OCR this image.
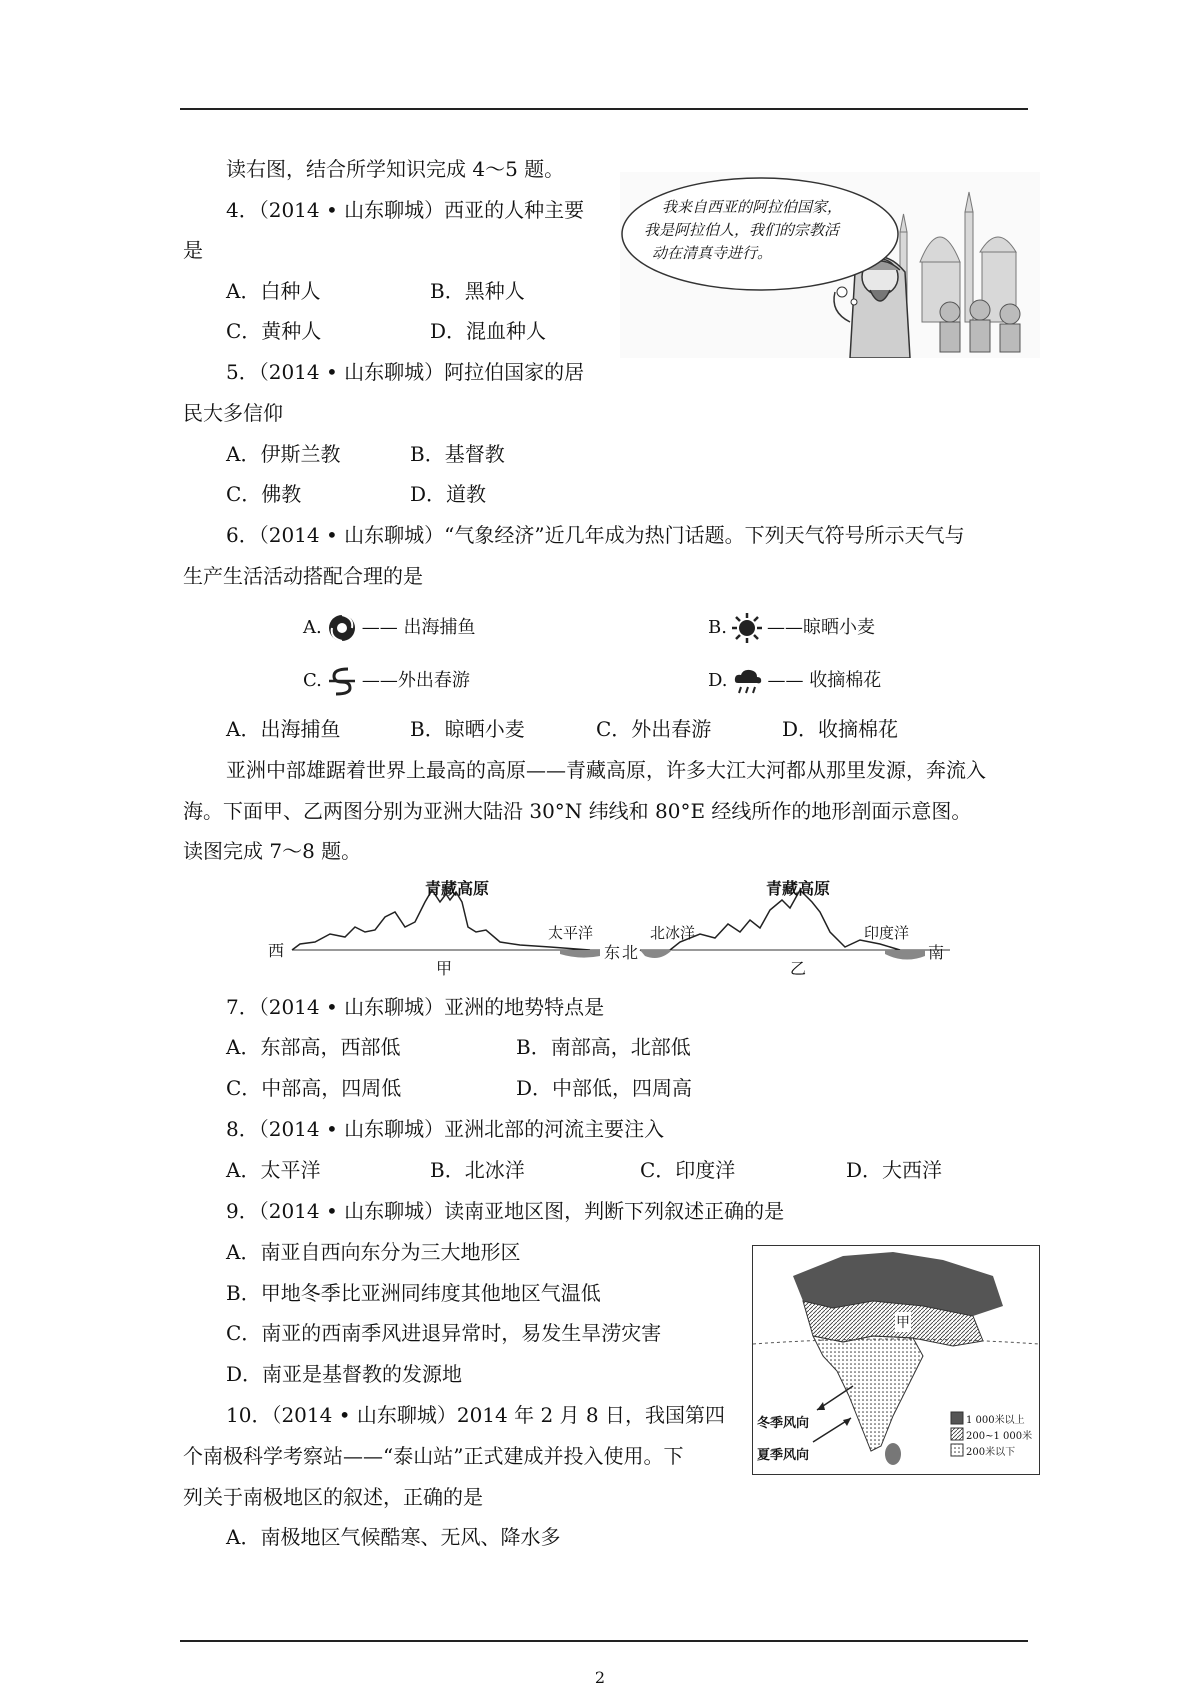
读右图，结合所学知识完成 4～5 题。
4．（2014 • 山东聊城）西亚的人种主要
是
A．白种人	B．黑种人
C．黄种人	D．混血种人
5．（2014 • 山东聊城）阿拉伯国家的居
民大多信仰
A．伊斯兰教	B．基督教
C．佛教	D．道教
我来自西亚的阿拉伯国家，
我是阿拉伯人，我们的宗教活
动在清真寺进行。
6．（2014 • 山东聊城）“气象经济”近几年成为热门话题。下列天气符号所示天气与
生产生活活动搭配合理的是
A. —— 出海捕鱼	B. ——晾晒小麦
C. ——外出春游	D. —— 收摘棉花
A．出海捕鱼	B．晾晒小麦	C．外出春游	D．收摘棉花
亚洲中部雄踞着世界上最高的高原——青藏高原，许多大江大河都从那里发源，奔流入
海。下面甲、乙两图分别为亚洲大陆沿 30°N 纬线和 80°E 经线所作的地形剖面示意图。
读图完成 7～8 题。
青藏高原
西	东
太平洋
甲
青藏高原
北	南
北冰洋	印度洋
乙
7．（2014 • 山东聊城）亚洲的地势特点是
A．东部高，西部低	B．南部高，北部低
C．中部高，四周低	D．中部低，四周高
8．（2014 • 山东聊城）亚洲北部的河流主要注入
A．太平洋	B．北冰洋	C．印度洋	D．大西洋
9．（2014 • 山东聊城）读南亚地区图，判断下列叙述正确的是
A．南亚自西向东分为三大地形区
B．甲地冬季比亚洲同纬度其他地区气温低
C．南亚的西南季风进退异常时，易发生旱涝灾害
D．南亚是基督教的发源地
甲
冬季风向
夏季风向
1 000米以上
200~1 000米
200米以下
10．（2014 • 山东聊城）2014 年 2 月 8 日，我国第四
个南极科学考察站——“泰山站”正式建成并投入使用。下
列关于南极地区的叙述，正确的是
A．南极地区气候酷寒、无风、降水多
2
